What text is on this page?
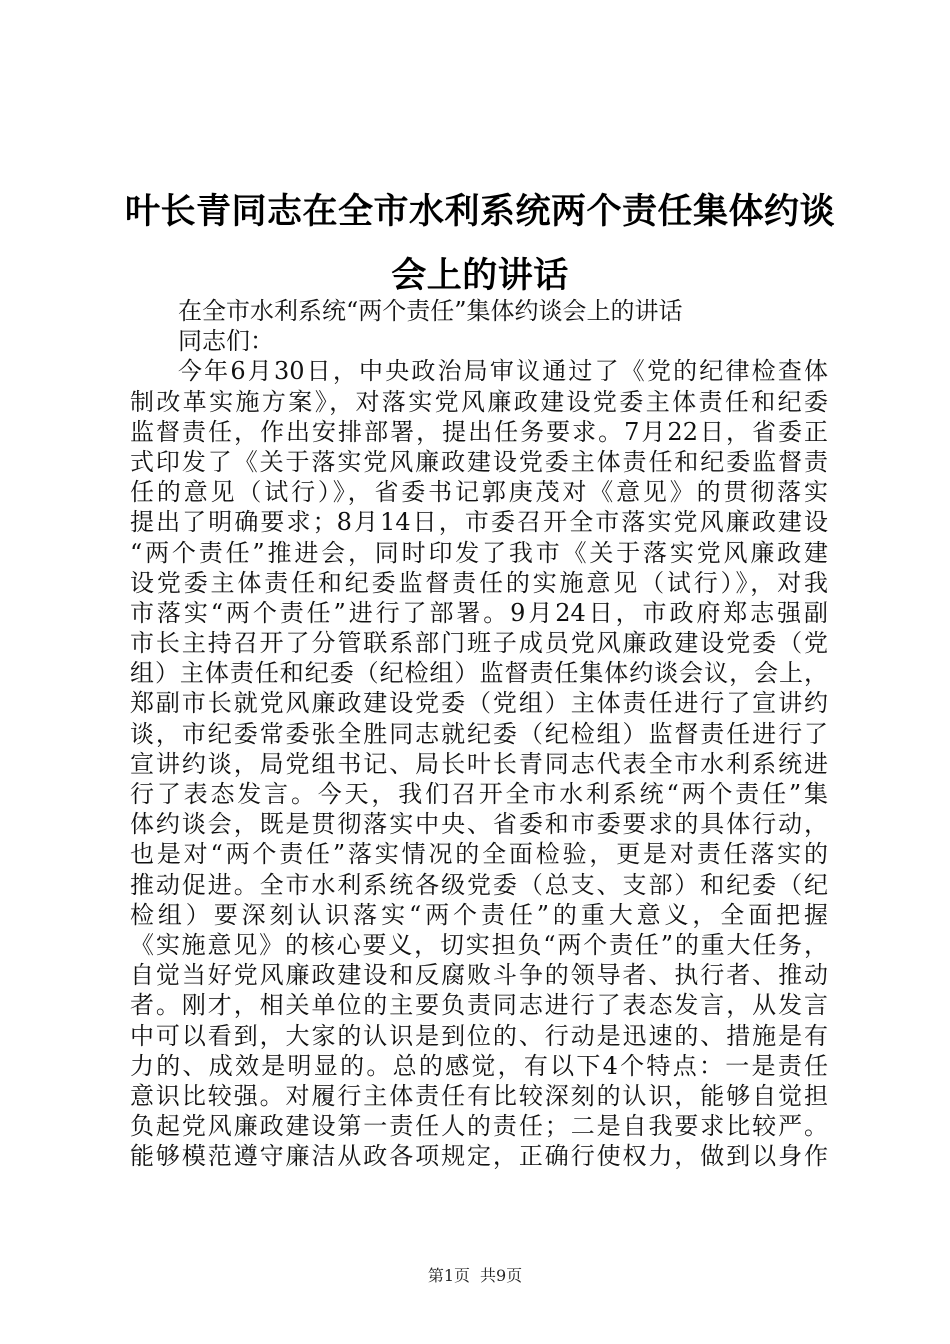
叶长青同志在全市水利系统两个责任集体约谈
会上的讲话
在全市水利系统“两个责任”集体约谈会上的讲话
同志们：
今年6月30日，中央政治局审议通过了《党的纪律检查体
制改革实施方案》，对落实党风廉政建设党委主体责任和纪委
监督责任，作出安排部署，提出任务要求。7月22日，省委正
式印发了《关于落实党风廉政建设党委主体责任和纪委监督责
任的意见（试行）》，省委书记郭庚茂对《意见》的贯彻落实
提出了明确要求；8月14日，市委召开全市落实党风廉政建设
“两个责任”推进会，同时印发了我市《关于落实党风廉政建
设党委主体责任和纪委监督责任的实施意见（试行）》，对我
市落实“两个责任”进行了部署。9月24日，市政府郑志强副
市长主持召开了分管联系部门班子成员党风廉政建设党委（党
组）主体责任和纪委（纪检组）监督责任集体约谈会议，会上，
郑副市长就党风廉政建设党委（党组）主体责任进行了宣讲约
谈，市纪委常委张全胜同志就纪委（纪检组）监督责任进行了
宣讲约谈，局党组书记、局长叶长青同志代表全市水利系统进
行了表态发言。今天，我们召开全市水利系统“两个责任”集
体约谈会，既是贯彻落实中央、省委和市委要求的具体行动，
也是对“两个责任”落实情况的全面检验，更是对责任落实的
推动促进。全市水利系统各级党委（总支、支部）和纪委（纪
检组）要深刻认识落实“两个责任”的重大意义，全面把握
《实施意见》的核心要义，切实担负“两个责任”的重大任务，
自觉当好党风廉政建设和反腐败斗争的领导者、执行者、推动
者。刚才，相关单位的主要负责同志进行了表态发言，从发言
中可以看到，大家的认识是到位的、行动是迅速的、措施是有
力的、成效是明显的。总的感觉，有以下4个特点：一是责任
意识比较强。对履行主体责任有比较深刻的认识，能够自觉担
负起党风廉政建设第一责任人的责任；二是自我要求比较严。
能够模范遵守廉洁从政各项规定，正确行使权力，做到以身作
第1页 共9页
